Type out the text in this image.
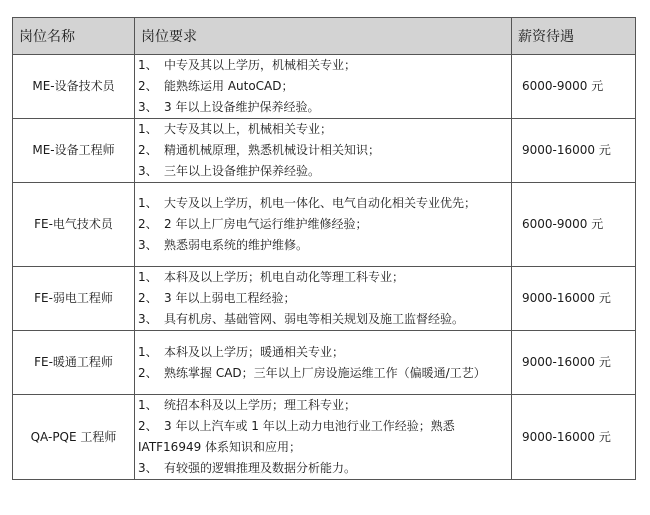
岗位名称	岗位要求	薪资待遇
ME-设备技术员	1、 中专及其以上学历，机械相关专业；
2、 能熟练运用 AutoCAD；
3、 3 年以上设备维护保养经验。	6000-9000 元
ME-设备工程师	1、 大专及其以上，机械相关专业；
2、 精通机械原理，熟悉机械设计相关知识；
3、 三年以上设备维护保养经验。	9000-16000 元
FE-电气技术员	1、 大专及以上学历，机电一体化、电气自动化相关专业优先；
2、 2 年以上厂房电气运行维护维修经验；
3、 熟悉弱电系统的维护维修。	6000-9000 元
FE-弱电工程师	1、 本科及以上学历；机电自动化等理工科专业；
2、 3 年以上弱电工程经验；
3、 具有机房、基础管网、弱电等相关规划及施工监督经验。	9000-16000 元
FE-暖通工程师	1、 本科及以上学历；暖通相关专业；
2、 熟练掌握 CAD；三年以上厂房设施运维工作（偏暖通/工艺）	9000-16000 元
QA-PQE 工程师	1、 统招本科及以上学历；理工科专业；
2、 3 年以上汽车或 1 年以上动力电池行业工作经验；熟悉 IATF16949 体系知识和应用；
3、 有较强的逻辑推理及数据分析能力。	9000-16000 元
